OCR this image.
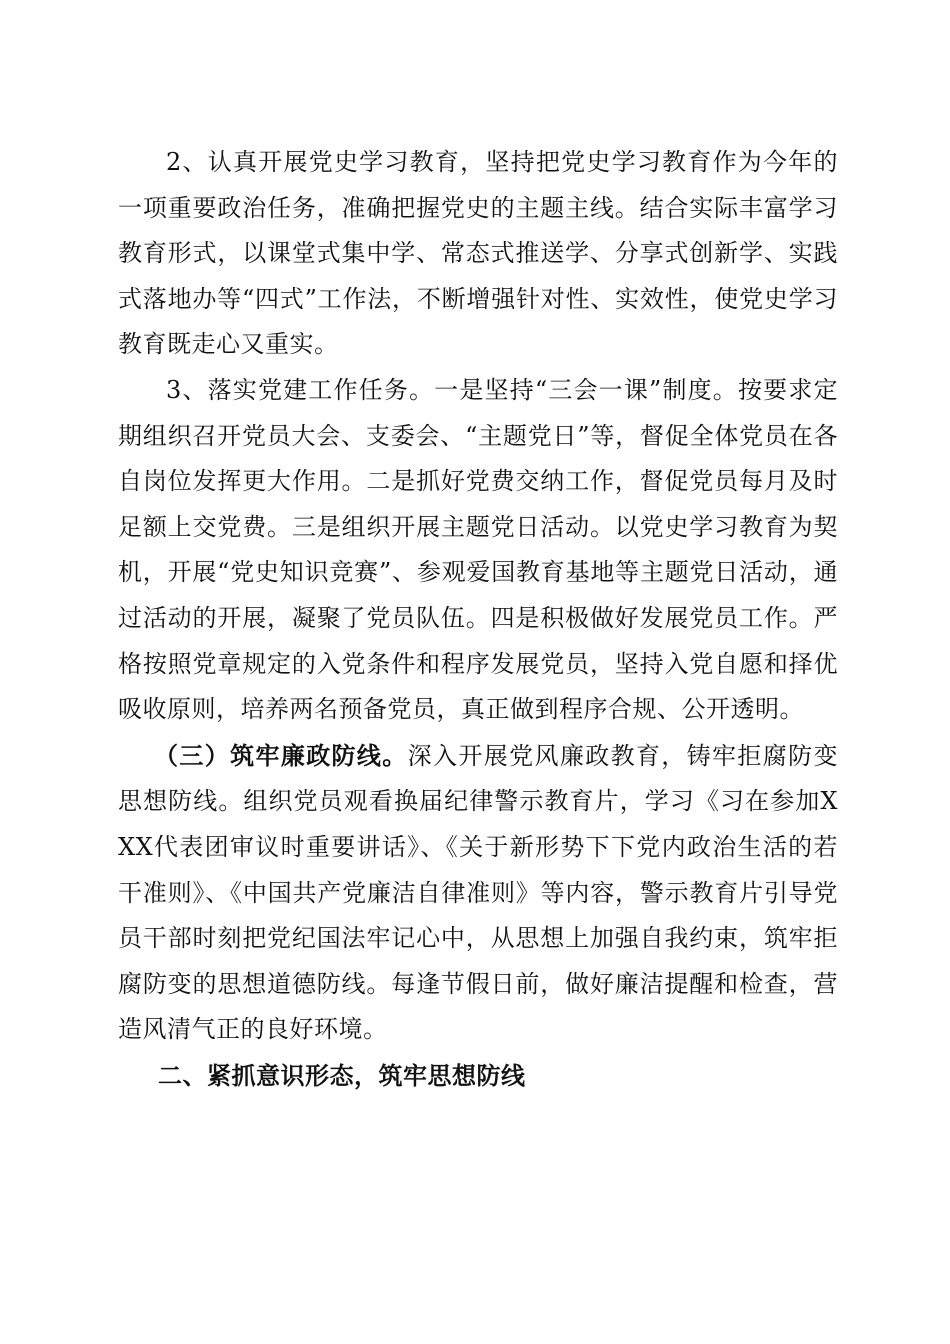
2、认真开展党史学习教育，坚持把党史学习教育作为今年的一项重要政治任务，准确把握党史的主题主线。结合实际丰富学习教育形式，以课堂式集中学、常态式推送学、分享式创新学、实践式落地办等“四式”工作法，不断增强针对性、实效性，使党史学习教育既走心又重实。

3、落实党建工作任务。一是坚持“三会一课”制度。按要求定期组织召开党员大会、支委会、“主题党日”等，督促全体党员在各自岗位发挥更大作用。二是抓好党费交纳工作，督促党员每月及时足额上交党费。三是组织开展主题党日活动。以党史学习教育为契机，开展“党史知识竞赛”、参观爱国教育基地等主题党日活动，通过活动的开展，凝聚了党员队伍。四是积极做好发展党员工作。严格按照党章规定的入党条件和程序发展党员，坚持入党自愿和择优吸收原则，培养两名预备党员，真正做到程序合规、公开透明。

（三）筑牢廉政防线。深入开展党风廉政教育，铸牢拒腐防变思想防线。组织党员观看换届纪律警示教育片，学习《习在参加XXX代表团审议时重要讲话》、《关于新形势下下党内政治生活的若干准则》、《中国共产党廉洁自律准则》等内容，警示教育片引导党员干部时刻把党纪国法牢记心中，从思想上加强自我约束，筑牢拒腐防变的思想道德防线。每逢节假日前，做好廉洁提醒和检查，营造风清气正的良好环境。

二、紧抓意识形态，筑牢思想防线
